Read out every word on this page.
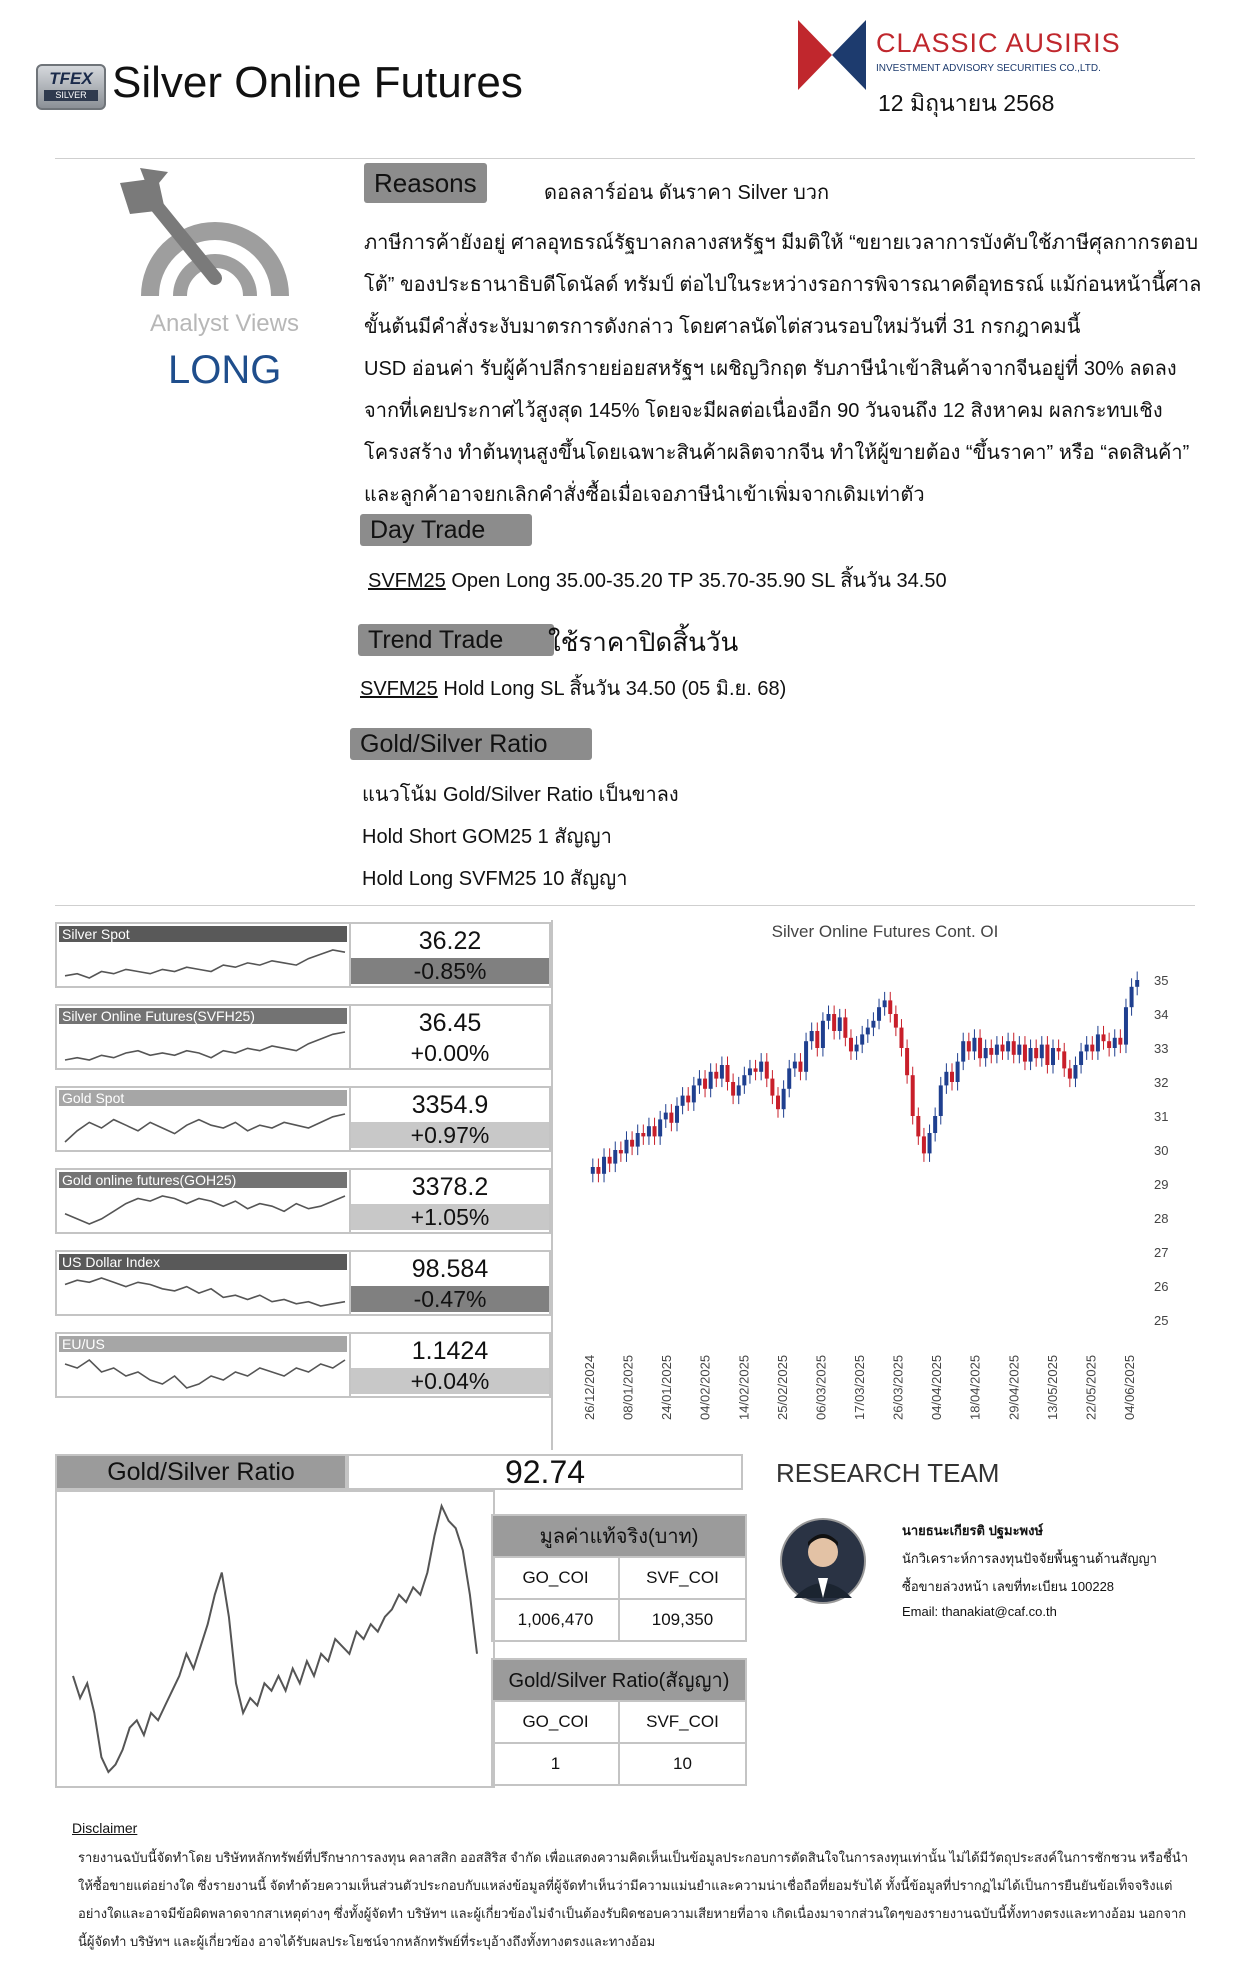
TFEX
SILVER Silver Online Futures
CLASSIC AUSIRIS
INVESTMENT ADVISORY SECURITIES CO.,LTD.
12 มิถุนายน 2568
Analyst Views
LONG
Reasons	ดอลลาร์อ่อน ดันราคา Silver บวก
ภาษีการค้ายังอยู่ ศาลอุทธรณ์รัฐบาลกลางสหรัฐฯ มีมติให้ “ขยายเวลาการบังคับใช้ภาษีศุลกากรตอบ
โต้” ของประธานาธิบดีโดนัลด์ ทรัมป์ ต่อไปในระหว่างรอการพิจารณาคดีอุทธรณ์ แม้ก่อนหน้านี้ศาล
ขั้นต้นมีคำสั่งระงับมาตรการดังกล่าว โดยศาลนัดไต่สวนรอบใหม่วันที่ 31 กรกฎาคมนี้
USD อ่อนค่า รับผู้ค้าปลีกรายย่อยสหรัฐฯ เผชิญวิกฤต รับภาษีนำเข้าสินค้าจากจีนอยู่ที่ 30% ลดลง
จากที่เคยประกาศไว้สูงสุด 145% โดยจะมีผลต่อเนื่องอีก 90 วันจนถึง 12 สิงหาคม ผลกระทบเชิง
โครงสร้าง ทำต้นทุนสูงขึ้นโดยเฉพาะสินค้าผลิตจากจีน ทำให้ผู้ขายต้อง “ขึ้นราคา” หรือ “ลดสินค้า”
และลูกค้าอาจยกเลิกคำสั่งซื้อเมื่อเจอภาษีนำเข้าเพิ่มจากเดิมเท่าตัว
Day Trade
SVFM25 Open Long 35.00-35.20 TP 35.70-35.90 SL สิ้นวัน 34.50
Trend Trade	ใช้ราคาปิดสิ้นวัน
SVFM25 Hold Long SL สิ้นวัน 34.50 (05 มิ.ย. 68)
Gold/Silver Ratio
แนวโน้ม Gold/Silver Ratio เป็นขาลง
Hold Short GOM25 1 สัญญา
Hold Long SVFM25 10 สัญญา
Silver Spot	36.22
-0.85%
Silver Online Futures(SVFH25)	36.45
+0.00%
Gold Spot	3354.9
+0.97%
Gold online futures(GOH25)	3378.2
+1.05%
US Dollar Index	98.584
-0.47%
EU/US	1.1424
+0.04%
Silver Online Futures Cont. OI
25
26
27
28
29
30
31
32
33
34
35
26/12/2024 08/01/2025 24/01/2025 04/02/2025 14/02/2025 25/02/2025 06/03/2025 17/03/2025 26/03/2025 04/04/2025 18/04/2025 29/04/2025 13/05/2025 22/05/2025 04/06/2025
Gold/Silver Ratio	92.74	RESEARCH TEAM
นายธนะเกียรติ ปฐมะพงษ์
นักวิเคราะห์การลงทุนปัจจัยพื้นฐานด้านสัญญา
ซื้อขายล่วงหน้า เลขที่ทะเบียน 100228
Email: thanakiat@caf.co.th
มูลค่าแท้จริง(บาท)	
GO_COI	SVF_COI
1,006,470	109,350
Gold/Silver Ratio(สัญญา)	
GO_COI	SVF_COI
1	10
Disclaimer
รายงานฉบับนี้จัดทำโดย บริษัทหลักทรัพย์ที่ปรึกษาการลงทุน คลาสสิก ออสสิริส จำกัด เพื่อแสดงความคิดเห็นเป็นข้อมูลประกอบการตัดสินใจในการลงทุนเท่านั้น ไม่ได้มีวัตถุประสงค์ในการชักชวน หรือชี้นำให้ซื้อขายแต่อย่างใด ซึ่งรายงานนี้ จัดทำด้วยความเห็นส่วนตัวประกอบกับแหล่งข้อมูลที่ผู้จัดทำเห็นว่ามีความแม่นยำและความน่าเชื่อถือที่ยอมรับได้ ทั้งนี้ข้อมูลที่ปรากฏไม่ได้เป็นการยืนยันข้อเท็จจริงแต่อย่างใดและอาจมีข้อผิดพลาดจากสาเหตุต่างๆ ซึ่งทั้งผู้จัดทำ บริษัทฯ และผู้เกี่ยวข้องไม่จำเป็นต้องรับผิดชอบความเสียหายที่อาจ เกิดเนื่องมาจากส่วนใดๆของรายงานฉบับนี้ทั้งทางตรงและทางอ้อม นอกจากนี้ผู้จัดทำ บริษัทฯ และผู้เกี่ยวข้อง อาจได้รับผลประโยชน์จากหลักทรัพย์ที่ระบุอ้างถึงทั้งทางตรงและทางอ้อม
